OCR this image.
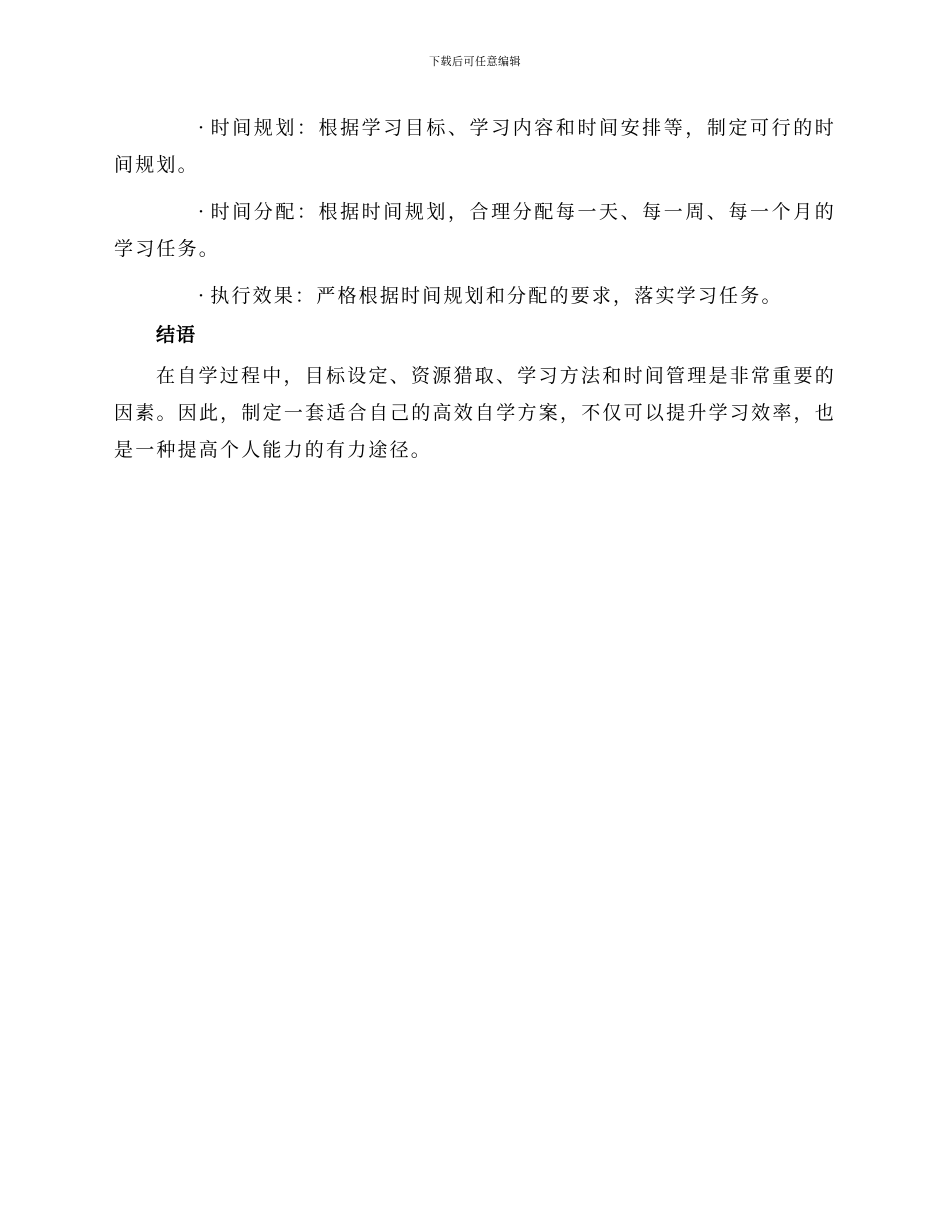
下载后可任意编辑

· 时间规划：根据学习目标、学习内容和时间安排等，制定可行的时间规划。

· 时间分配：根据时间规划，合理分配每一天、每一周、每一个月的学习任务。

· 执行效果：严格根据时间规划和分配的要求，落实学习任务。

结语

在自学过程中，目标设定、资源猎取、学习方法和时间管理是非常重要的因素。因此，制定一套适合自己的高效自学方案，不仅可以提升学习效率，也是一种提高个人能力的有力途径。
